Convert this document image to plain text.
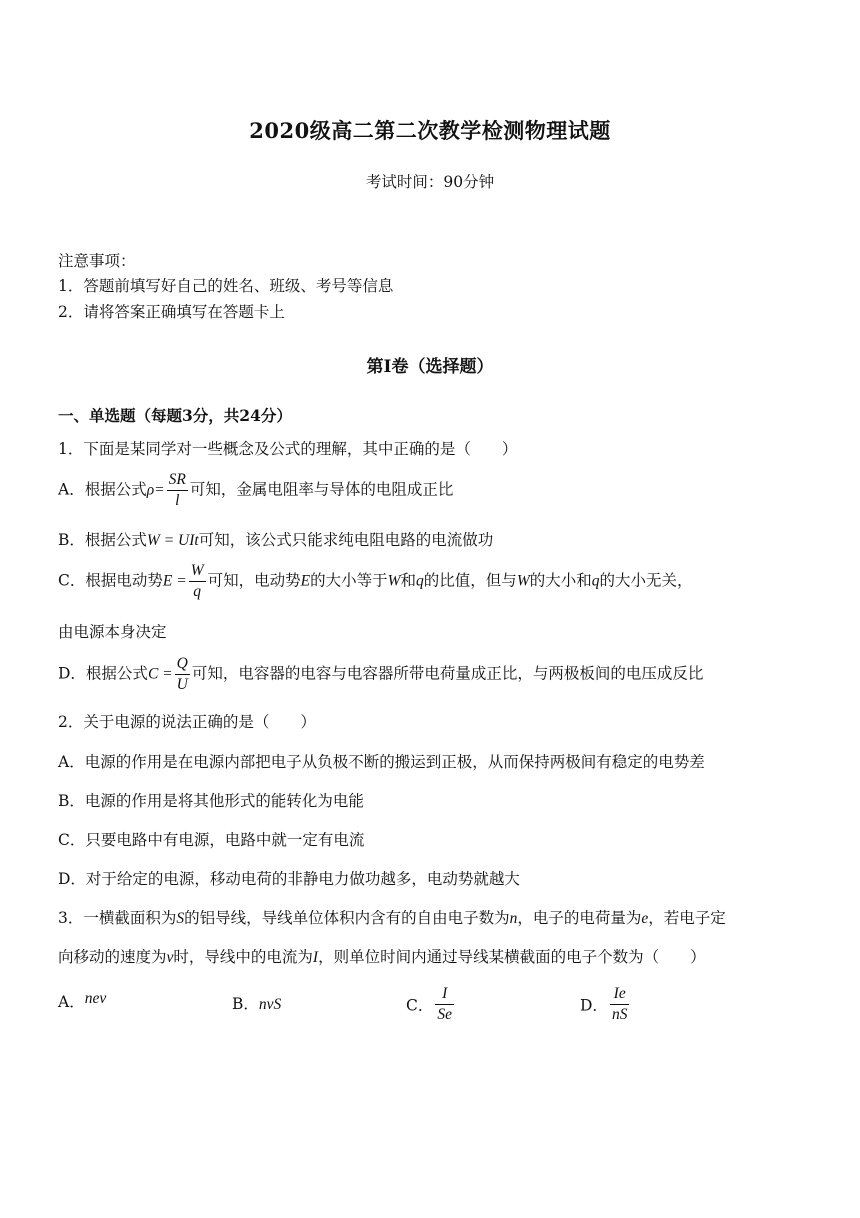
2020级高二第二次教学检测物理试题
考试时间：90分钟
注意事项：
1．答题前填写好自己的姓名、班级、考号等信息
2．请将答案正确填写在答题卡上
第Ⅰ卷（选择题）
一、单选题（每题3分，共24分）
1．下面是某同学对一些概念及公式的理解，其中正确的是（　　）
A．根据公式$\rho= \frac{SR}{l}$ 可知，金属电阻率与导体的电阻成正比
B．根据公式W = UIt可知，该公式只能求纯电阻电路的电流做功
C．根据电动势$E = \frac{W}{q}$ 可知，电动势E的大小等于W和q的比值，但与W的大小和q的大小无关，
由电源本身决定
D．根据公式$C = \frac{Q}{U}$ 可知，电容器的电容与电容器所带电荷量成正比，与两极板间的电压成反比
2．关于电源的说法正确的是（　　）
A．电源的作用是在电源内部把电子从负极不断的搬运到正极，从而保持两极间有稳定的电势差
B．电源的作用是将其他形式的能转化为电能
C．只要电路中有电源，电路中就一定有电流
D．对于给定的电源，移动电荷的非静电力做功越多，电动势就越大
3．一横截面积为S的铝导线，导线单位体积内含有的自由电子数为n，电子的电荷量为e，若电子定
向移动的速度为v时，导线中的电流为I，则单位时间内通过导线某横截面的电子个数为（　　）
A．nev	B．nvS	C． $\frac{I}{Se}$	D． $\frac{Ie}{nS}$
